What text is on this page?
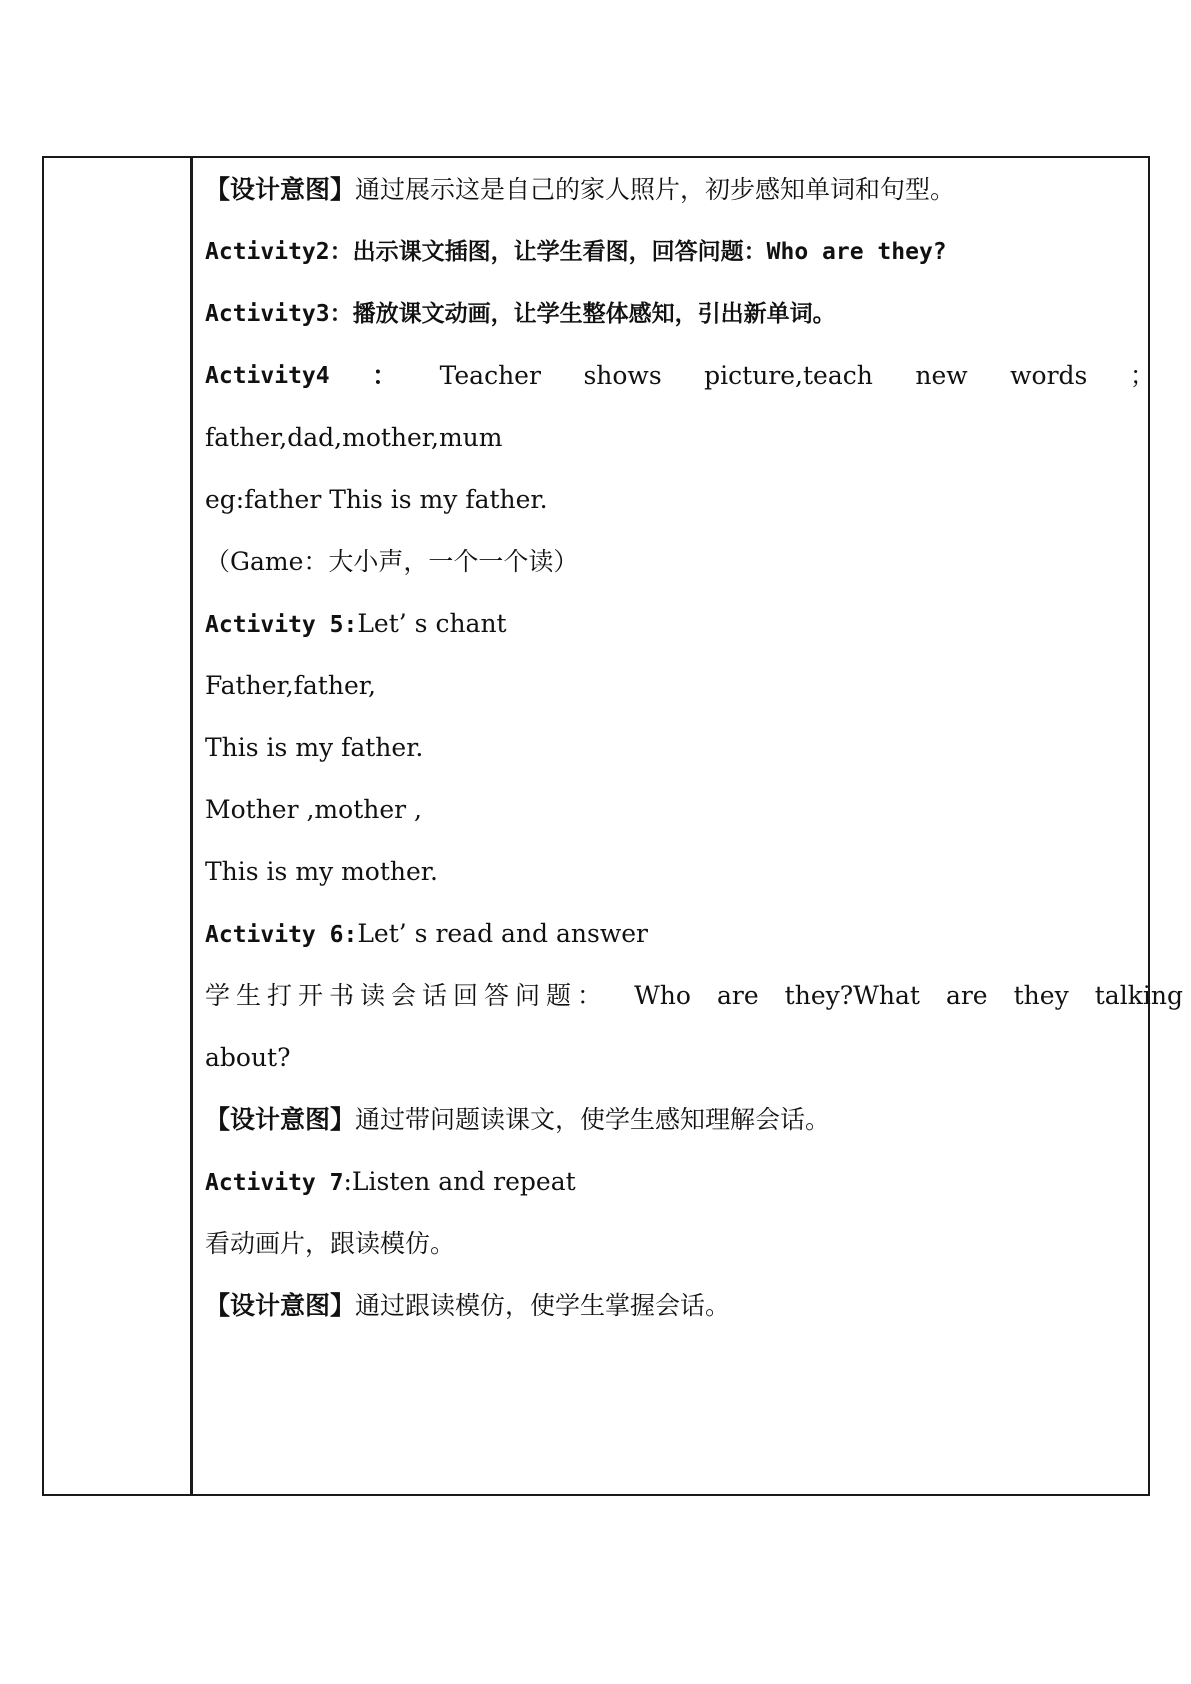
【设计意图】通过展示这是自己的家人照片，初步感知单词和句型。
Activity2：出示课文插图，让学生看图，回答问题：Who are they?
Activity3：播放课文动画，让学生整体感知，引出新单词。
Activity4 ： Teacher shows picture,teach new words ；
father,dad,mother,mum
eg:father This is my father.
（Game：大小声，一个一个读）
Activity 5:Let’ s chant
Father,father,
This is my father.
Mother ,mother ,
This is my mother.
Activity 6:Let’ s read and answer
学生打开书读会话回答问题： Who are they?What are they talking
about?
【设计意图】通过带问题读课文，使学生感知理解会话。
Activity 7:Listen and repeat
看动画片，跟读模仿。
【设计意图】通过跟读模仿，使学生掌握会话。
